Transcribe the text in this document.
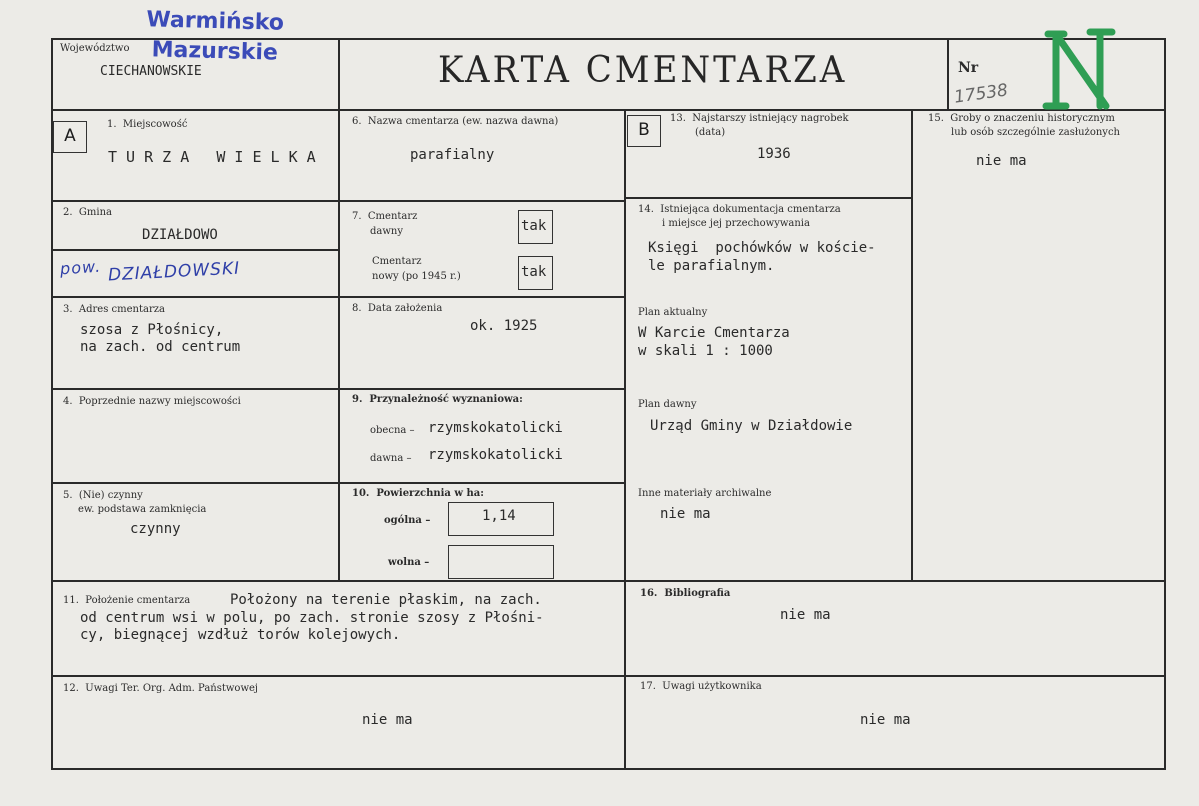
Województwo
CIECHANOWSKIE
Warmińsko
Mazurskie	KARTA CMENTARZA	Nr
17538
A	B
1.  Miejscowość
T U R Z A   W I E L K A
2.  Gmina
DZIAŁDOWO
pow. DZIAŁDOWSKI
3.  Adres cmentarza
szosa z Płośnicy,
na zach. od centrum
4.  Poprzednie nazwy miejscowości
5.  (Nie) czynny
ew. podstawa zamknięcia
czynny
6.  Nazwa cmentarza (ew. nazwa dawna)
parafialny
7.  Cmentarz
dawny	tak
Cmentarz
nowy (po 1945 r.)	tak
8.  Data założenia
ok. 1925
9.  Przynależność wyznaniowa:
obecna – rzymskokatolicki
dawna – rzymskokatolicki
10.  Powierzchnia w ha:
ogólna –	1,14
wolna –
11.  Położenie cmentarza	Położony na terenie płaskim, na zach.
od centrum wsi w polu, po zach. stronie szosy z Płośni-
cy, biegnącej wzdłuż torów kolejowych.
12.  Uwagi Ter. Org. Adm. Państwowej
nie ma
13.  Najstarszy istniejący nagrobek
(data)
1936
14.  Istniejąca dokumentacja cmentarza
i miejsce jej przechowywania
Księgi  pochówków w koście-
le parafialnym.
Plan aktualny
W Karcie Cmentarza
w skali 1 : 1000
Plan dawny
Urząd Gminy w Działdowie
Inne materiały archiwalne
nie ma
15.  Groby o znaczeniu historycznym
lub osób szczególnie zasłużonych
nie ma
16.  Bibliografia
nie ma
17.  Uwagi użytkownika
nie ma
